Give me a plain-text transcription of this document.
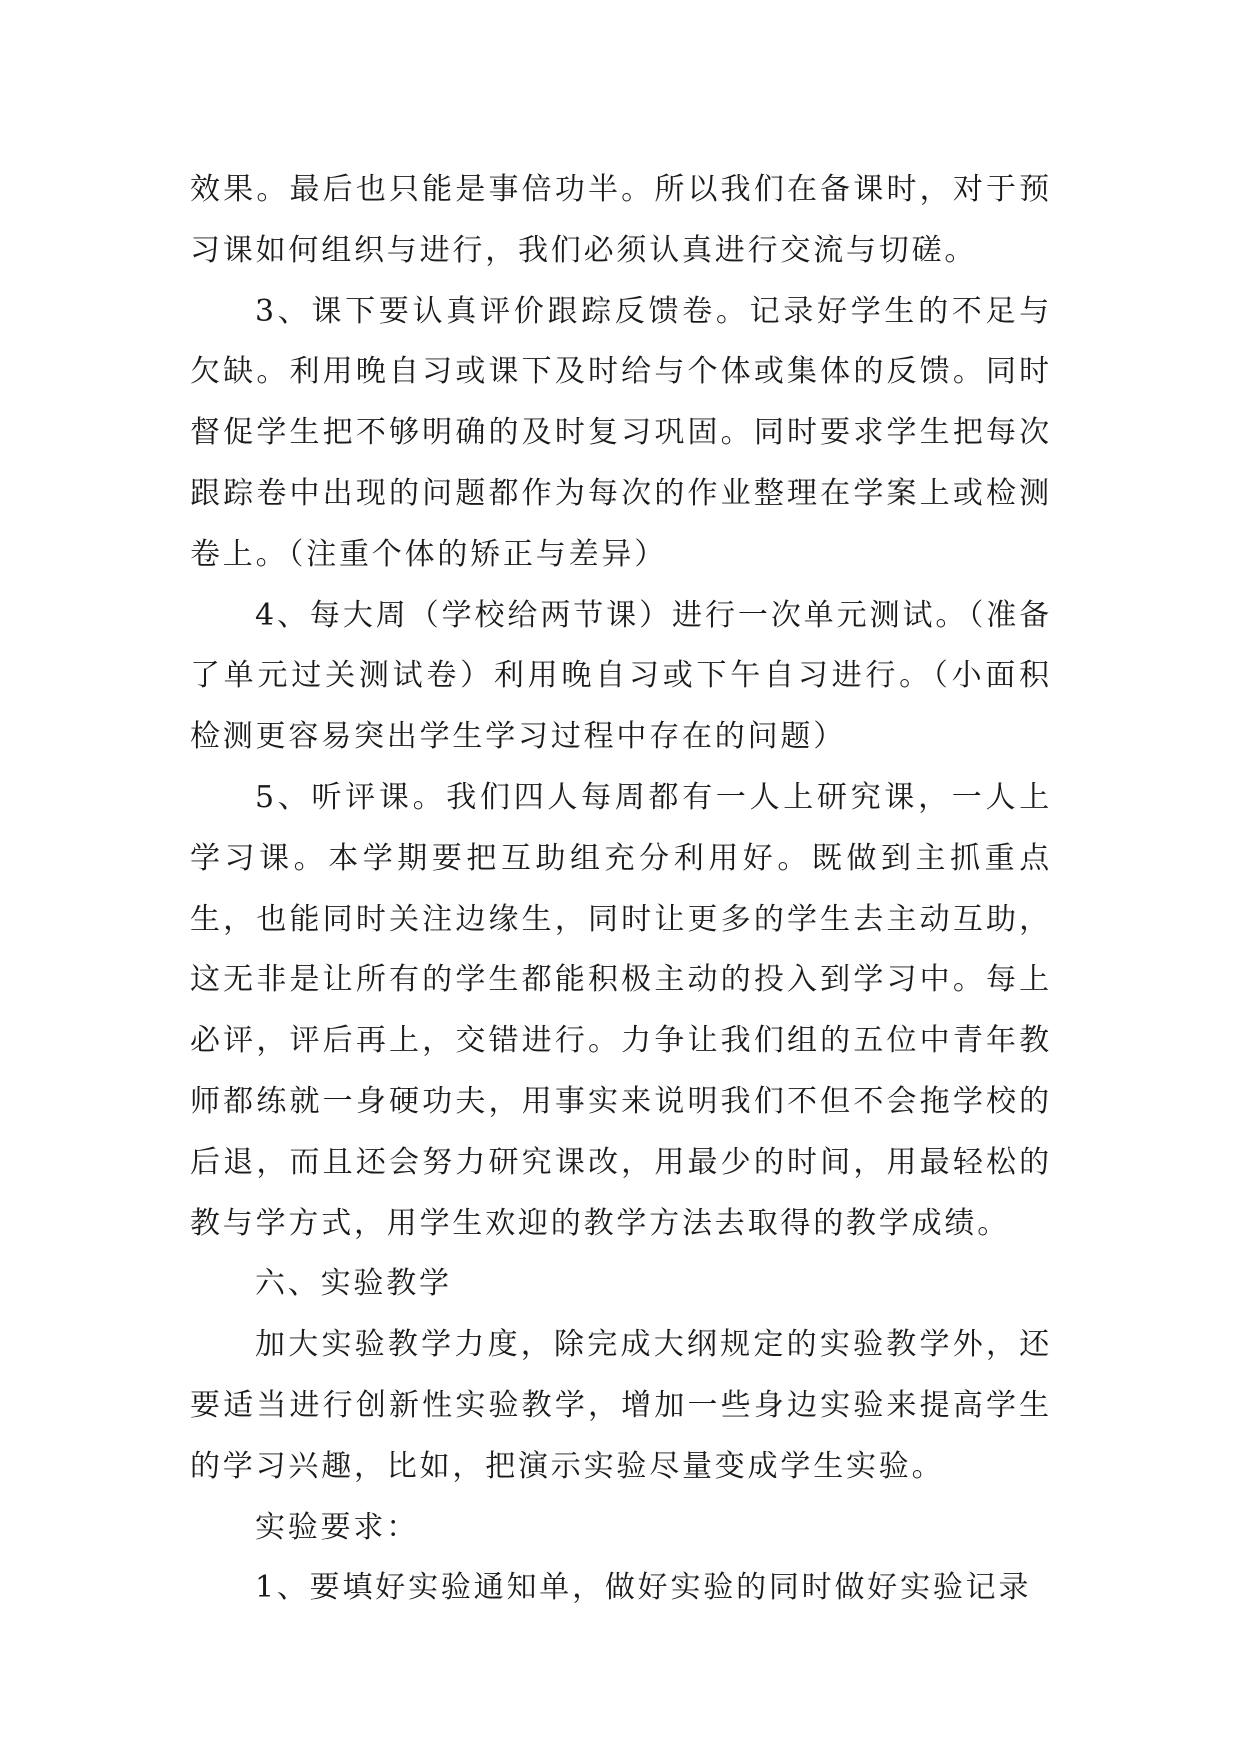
效果。最后也只能是事倍功半。所以我们在备课时，对于预习课如何组织与进行，我们必须认真进行交流与切磋。

3、课下要认真评价跟踪反馈卷。记录好学生的不足与欠缺。利用晚自习或课下及时给与个体或集体的反馈。同时督促学生把不够明确的及时复习巩固。同时要求学生把每次跟踪卷中出现的问题都作为每次的作业整理在学案上或检测卷上。（注重个体的矫正与差异）

4、每大周（学校给两节课）进行一次单元测试。（准备了单元过关测试卷）利用晚自习或下午自习进行。（小面积检测更容易突出学生学习过程中存在的问题）

5、听评课。我们四人每周都有一人上研究课，一人上学习课。本学期要把互助组充分利用好。既做到主抓重点生，也能同时关注边缘生，同时让更多的学生去主动互助，这无非是让所有的学生都能积极主动的投入到学习中。每上必评，评后再上，交错进行。力争让我们组的五位中青年教师都练就一身硬功夫，用事实来说明我们不但不会拖学校的后退，而且还会努力研究课改，用最少的时间，用最轻松的教与学方式，用学生欢迎的教学方法去取得的教学成绩。

六、实验教学

加大实验教学力度，除完成大纲规定的实验教学外，还要适当进行创新性实验教学，增加一些身边实验来提高学生的学习兴趣，比如，把演示实验尽量变成学生实验。

实验要求：

1、要填好实验通知单，做好实验的同时做好实验记录
